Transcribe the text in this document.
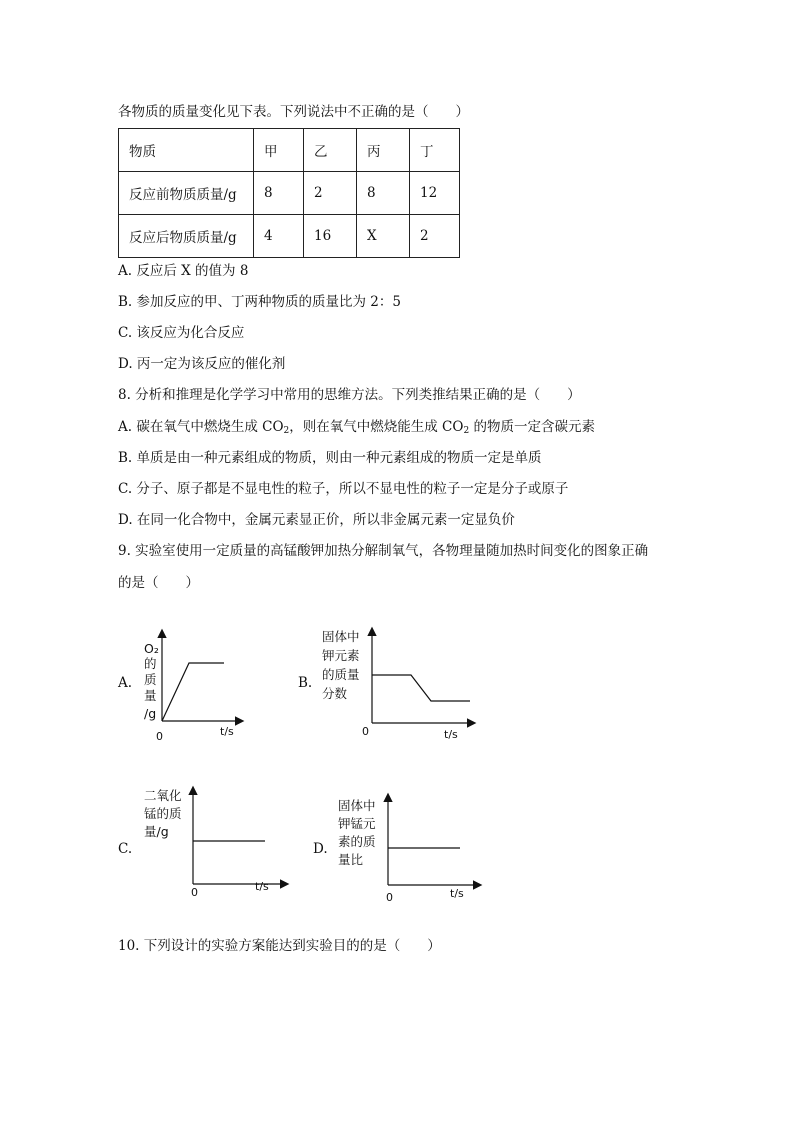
各物质的质量变化见下表。下列说法中不正确的是（　　）
物质	甲	乙	丙	丁
反应前物质质量/g	8	2	8	12
反应后物质质量/g	4	16	X	2
A. 反应后 X 的值为 8
B. 参加反应的甲、丁两种物质的质量比为 2：5
C. 该反应为化合反应
D. 丙一定为该反应的催化剂
8. 分析和推理是化学学习中常用的思维方法。下列类推结果正确的是（　　）
A. 碳在氧气中燃烧生成 $CO_2$，则在氧气中燃烧能生成 $CO_2$ 的物质一定含碳元素
B. 单质是由一种元素组成的物质，则由一种元素组成的物质一定是单质
C. 分子、原子都是不显电性的粒子，所以不显电性的粒子一定是分子或原子
D. 在同一化合物中，金属元素显正价，所以非金属元素一定显负价
9. 实验室使用一定质量的高锰酸钾加热分解制氧气，各物理量随加热时间变化的图象正确
的是（　　）
A.
O₂
的
质
量
/g
0	t/s
B.
固体中
钾元素
的质量
分数
0	t/s
C.
二氧化
锰的质
量/g
0	t/s
D.
固体中
钾锰元
素的质
量比
0	t/s
10. 下列设计的实验方案能达到实验目的的是（　　）
